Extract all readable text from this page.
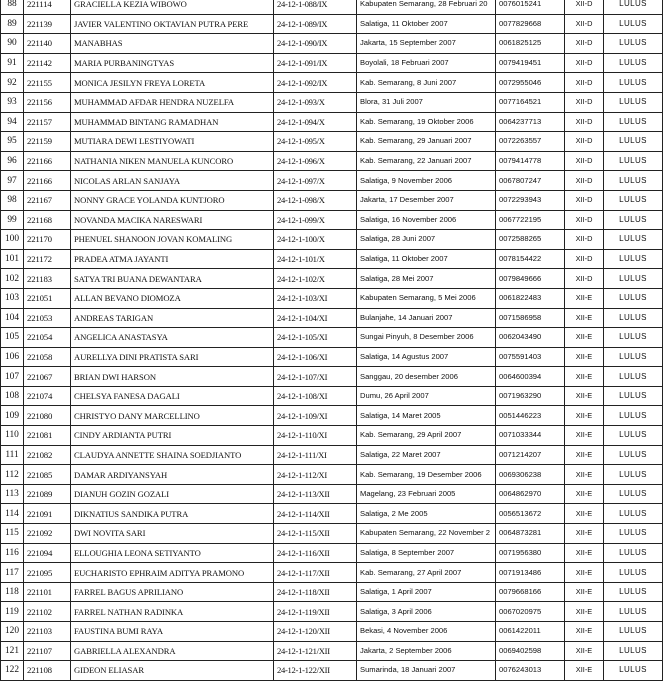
88	221114	GRACIELLA KEZIA WIBOWO	24-12-1-088/IX	Kabupaten Semarang, 28 Februari 20	0076015241	XII-D	LULUS
89	221139	JAVIER VALENTINO OKTAVIAN PUTRA PERE	24-12-1-089/IX	Salatiga, 11 Oktober 2007	0077829668	XII-D	LULUS
90	221140	MANABHAS	24-12-1-090/IX	Jakarta, 15 September 2007	0061825125	XII-D	LULUS
91	221142	MARIA PURBANINGTYAS	24-12-1-091/IX	Boyolali, 18 Februari 2007	0079419451	XII-D	LULUS
92	221155	MONICA JESILYN FREYA LORETA	24-12-1-092/IX	Kab. Semarang, 8 Juni 2007	0072955046	XII-D	LULUS
93	221156	MUHAMMAD AFDAR HENDRA NUZELFA	24-12-1-093/X	Blora, 31 Juli 2007	0077164521	XII-D	LULUS
94	221157	MUHAMMAD BINTANG RAMADHAN	24-12-1-094/X	Kab. Semarang, 19 Oktober 2006	0064237713	XII-D	LULUS
95	221159	MUTIARA DEWI LESTIYOWATI	24-12-1-095/X	Kab. Semarang, 29 Januari 2007	0072263557	XII-D	LULUS
96	221166	NATHANIA NIKEN MANUELA KUNCORO	24-12-1-096/X	Kab. Semarang, 22 Januari 2007	0079414778	XII-D	LULUS
97	221166	NICOLAS ARLAN SANJAYA	24-12-1-097/X	Salatiga, 9 November 2006	0067807247	XII-D	LULUS
98	221167	NONNY GRACE YOLANDA KUNTJORO	24-12-1-098/X	Jakarta, 17 Desember 2007	0072293943	XII-D	LULUS
99	221168	NOVANDA MACIKA NARESWARI	24-12-1-099/X	Salatiga, 16 November 2006	0067722195	XII-D	LULUS
100	221170	PHENUEL SHANOON JOVAN KOMALING	24-12-1-100/X	Salatiga, 28 Juni 2007	0072588265	XII-D	LULUS
101	221172	PRADEA ATMA JAYANTI	24-12-1-101/X	Salatiga, 11 Oktober 2007	0078154422	XII-D	LULUS
102	221183	SATYA TRI BUANA DEWANTARA	24-12-1-102/X	Salatiga, 28 Mei 2007	0079849666	XII-D	LULUS
103	221051	ALLAN BEVANO DIOMOZA	24-12-1-103/XI	Kabupaten Semarang, 5 Mei 2006	0061822483	XII-E	LULUS
104	221053	ANDREAS TARIGAN	24-12-1-104/XI	Bulanjahe, 14 Januari 2007	0071586958	XII-E	LULUS
105	221054	ANGELICA ANASTASYA	24-12-1-105/XI	Sungai Pinyuh, 8 Desember 2006	0062043490	XII-E	LULUS
106	221058	AURELLYA DINI PRATISTA SARI	24-12-1-106/XI	Salatiga, 14 Agustus 2007	0075591403	XII-E	LULUS
107	221067	BRIAN DWI HARSON	24-12-1-107/XI	Sanggau, 20 desember 2006	0064600394	XII-E	LULUS
108	221074	CHELSYA FANESA DAGALI	24-12-1-108/XI	Dumu, 26 April 2007	0071963290	XII-E	LULUS
109	221080	CHRISTYO DANY MARCELLINO	24-12-1-109/XI	Salatiga, 14 Maret 2005	0051446223	XII-E	LULUS
110	221081	CINDY ARDIANTA PUTRI	24-12-1-110/XI	Kab. Semarang, 29 April 2007	0071033344	XII-E	LULUS
111	221082	CLAUDYA ANNETTE SHAINA SOEDJIANTO	24-12-1-111/XI	Salatiga, 22 Maret 2007	0071214207	XII-E	LULUS
112	221085	DAMAR ARDIYANSYAH	24-12-1-112/XI	Kab. Semarang, 19 Desember 2006	0069306238	XII-E	LULUS
113	221089	DIANUH GOZIN GOZALI	24-12-1-113/XII	Magelang, 23 Februari 2005	0064862970	XII-E	LULUS
114	221091	DIKNATIUS SANDIKA PUTRA	24-12-1-114/XII	Salatiga, 2 Me 2005	0056513672	XII-E	LULUS
115	221092	DWI NOVITA SARI	24-12-1-115/XII	Kabupaten Semarang, 22 November 2	0064873281	XII-E	LULUS
116	221094	ELLOUGHIA LEONA SETIYANTO	24-12-1-116/XII	Salatiga, 8 September 2007	0071956380	XII-E	LULUS
117	221095	EUCHARISTO EPHRAIM ADITYA PRAMONO	24-12-1-117/XII	Kab. Semarang, 27 April 2007	0071913486	XII-E	LULUS
118	221101	FARREL BAGUS APRILIANO	24-12-1-118/XII	Salatiga, 1 April 2007	0079668166	XII-E	LULUS
119	221102	FARREL NATHAN RADINKA	24-12-1-119/XII	Salatiga, 3 April 2006	0067020975	XII-E	LULUS
120	221103	FAUSTINA BUMI RAYA	24-12-1-120/XII	Bekasi, 4 November 2006	0061422011	XII-E	LULUS
121	221107	GABRIELLA ALEXANDRA	24-12-1-121/XII	Jakarta, 2 September 2006	0069402598	XII-E	LULUS
122	221108	GIDEON ELIASAR	24-12-1-122/XII	Sumarinda, 18 Januari 2007	0076243013	XII-E	LULUS
